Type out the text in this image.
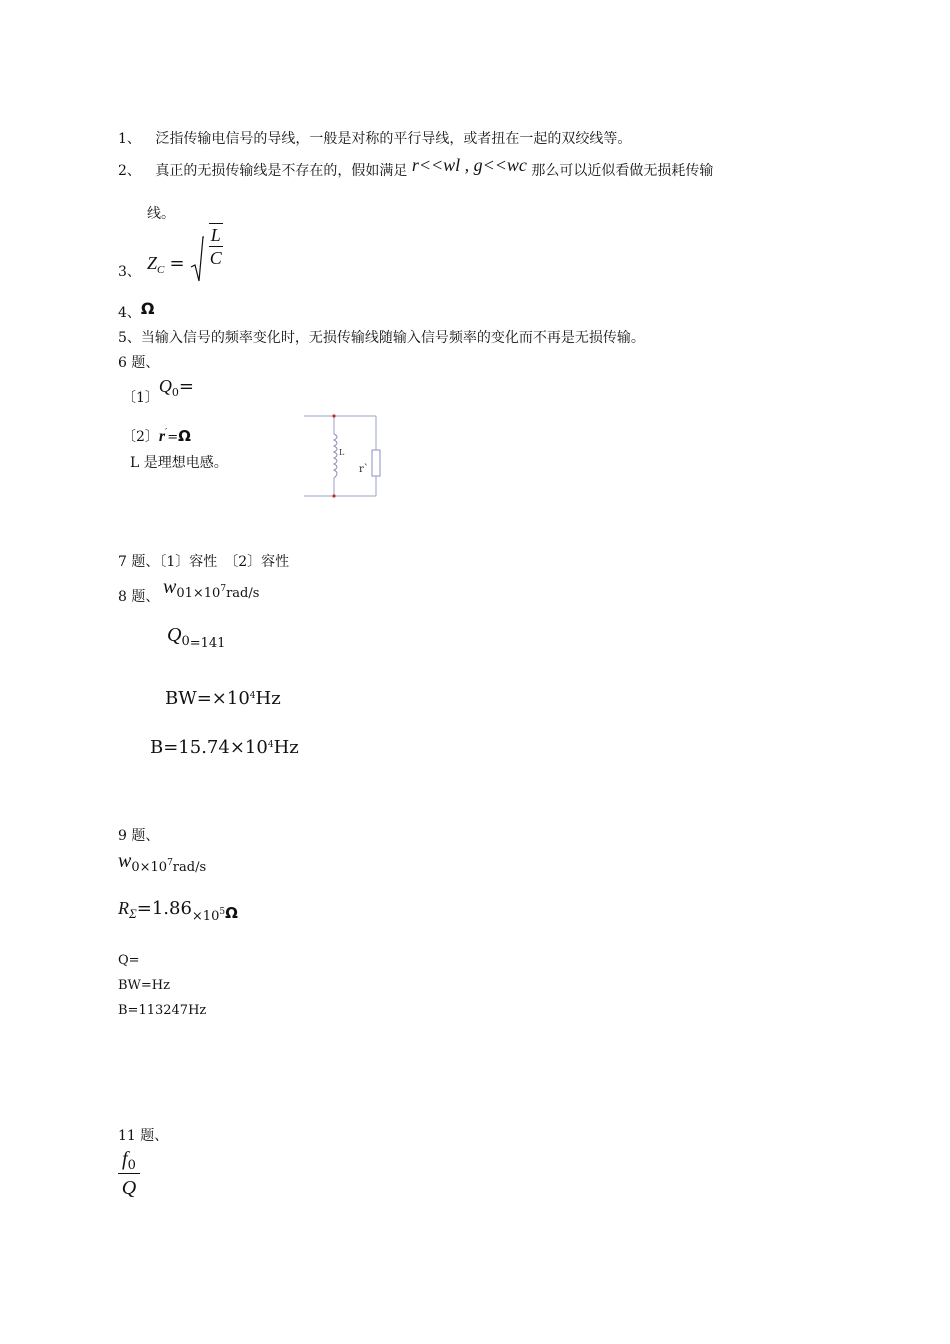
1、 泛指传输电信号的导线，一般是对称的平行导线，或者扭在一起的双绞线等。
2、 真正的无损传输线是不存在的，假如满足 r<<wl , g<<wc 那么可以近似看做无损耗传输
线。
3、 $Z_C = \frac{L}{C}$
4、Ω
5、当输入信号的频率变化时，无损传输线随输入信号频率的变化而不再是无损传输。
6 题、
〔1〕$Q_0=$
〔2〕r′=Ω
L 是理想电感。
L
r`
7 题、〔1〕容性　〔2〕容性
8 题、 $w_{01\times 10}7_{rad/s}$
$Q_{0=141}$
$BW=\times 10^4Hz$
$B=15.74\times 10^4Hz$
9 题、
$w_{0\times 10}7_{rad/s}$
$R_\Sigma=1.86_{\times 10}5\Omega$
Q=
BW=Hz
B=113247Hz
11 题、
$\frac{f_0}{Q}$
